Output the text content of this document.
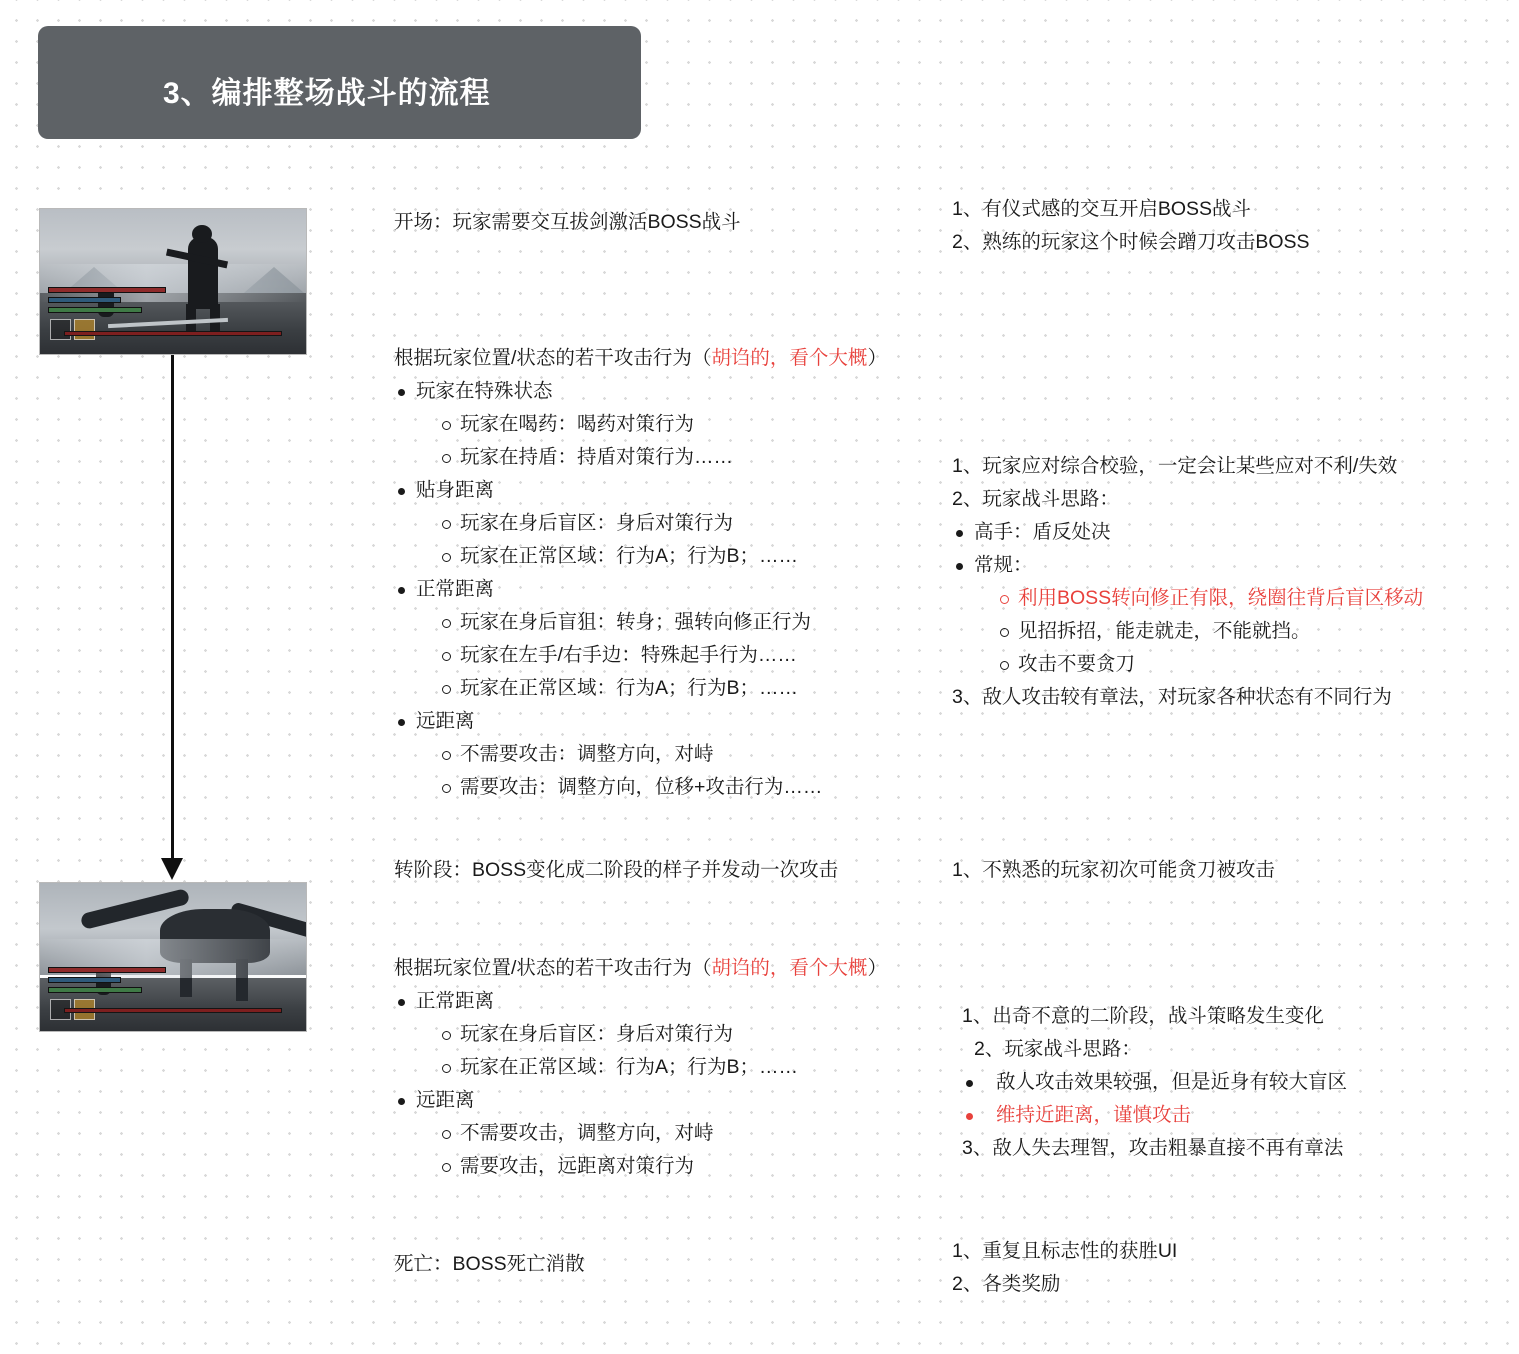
3、编排整场战斗的流程
开场：玩家需要交互拔剑激活BOSS战斗
1、有仪式感的交互开启BOSS战斗
2、熟练的玩家这个时候会蹭刀攻击BOSS
根据玩家位置/状态的若干攻击行为（胡诌的，看个大概）
玩家在特殊状态
玩家在喝药：喝药对策行为
玩家在持盾：持盾对策行为……
贴身距离
玩家在身后盲区：身后对策行为
玩家在正常区域：行为A；行为B；……
正常距离
玩家在身后盲狙：转身；强转向修正行为
玩家在左手/右手边：特殊起手行为……
玩家在正常区域：行为A；行为B；……
远距离
不需要攻击：调整方向，对峙
需要攻击：调整方向，位移+攻击行为……
1、玩家应对综合校验，一定会让某些应对不利/失效
2、玩家战斗思路：
高手：盾反处决
常规：
利用BOSS转向修正有限，绕圈往背后盲区移动
见招拆招，能走就走，不能就挡。
攻击不要贪刀
3、敌人攻击较有章法，对玩家各种状态有不同行为
转阶段：BOSS变化成二阶段的样子并发动一次攻击	1、不熟悉的玩家初次可能贪刀被攻击
根据玩家位置/状态的若干攻击行为（胡诌的，看个大概）
正常距离
玩家在身后盲区：身后对策行为
玩家在正常区域：行为A；行为B；……
远距离
不需要攻击，调整方向，对峙
需要攻击，远距离对策行为
1、出奇不意的二阶段，战斗策略发生变化
2、玩家战斗思路：
敌人攻击效果较强，但是近身有较大盲区
维持近距离，谨慎攻击
3、敌人失去理智，攻击粗暴直接不再有章法
死亡：BOSS死亡消散
1、重复且标志性的获胜UI
2、各类奖励
